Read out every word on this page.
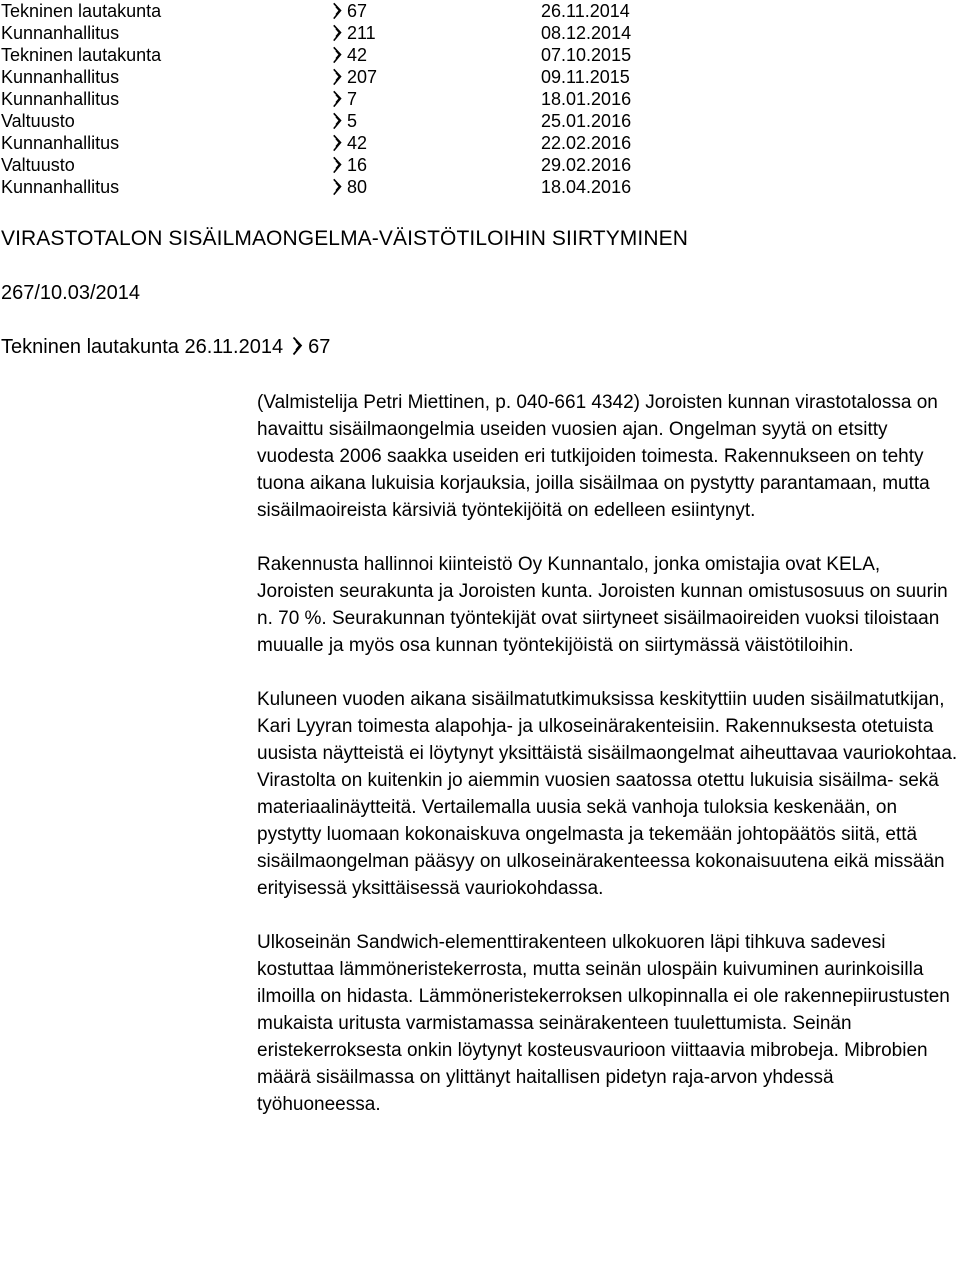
Tekninen lautakunta	67	26.11.2014
Kunnanhallitus	211	08.12.2014
Tekninen lautakunta	42	07.10.2015
Kunnanhallitus	207	09.11.2015
Kunnanhallitus	7	18.01.2016
Valtuusto	5	25.01.2016
Kunnanhallitus	42	22.02.2016
Valtuusto	16	29.02.2016
Kunnanhallitus	80	18.04.2016
VIRASTOTALON SISÄILMAONGELMA-VÄISTÖTILOIHIN SIIRTYMINEN
267/10.03/2014
Tekninen lautakunta 26.11.2014 67

(Valmistelija Petri Miettinen, p. 040-661 4342) Joroisten kunnan virastotalossa on havaittu sisäilmaongelmia useiden vuosien ajan. Ongelman syytä on etsitty vuodesta 2006 saakka useiden eri tutkijoiden toimesta. Rakennukseen on tehty tuona aikana lukuisia korjauksia, joilla sisäilmaa on pystytty parantamaan, mutta sisäilmaoireista kärsiviä työntekijöitä on edelleen esiintynyt.

Rakennusta hallinnoi kiinteistö Oy Kunnantalo, jonka omistajia ovat KELA, Joroisten seurakunta ja Joroisten kunta. Joroisten kunnan omistusosuus on suurin n. 70 %. Seurakunnan työntekijät ovat siirtyneet sisäilmaoireiden vuoksi tiloistaan muualle ja myös osa kunnan työntekijöistä on siirtymässä väistötiloihin.

Kuluneen vuoden aikana sisäilmatutkimuksissa keskityttiin uuden sisäilmatutkijan, Kari Lyyran toimesta alapohja- ja ulkoseinärakenteisiin. Rakennuksesta otetuista uusista näytteistä ei löytynyt yksittäistä sisäilmaongelmat aiheuttavaa vauriokohtaa. Virastolta on kuitenkin jo aiemmin vuosien saatossa otettu lukuisia sisäilma- sekä materiaalinäytteitä. Vertailemalla uusia sekä vanhoja tuloksia keskenään, on pystytty luomaan kokonaiskuva ongelmasta ja tekemään johtopäätös siitä, että sisäilmaongelman pääsyy on ulkoseinärakenteessa kokonaisuutena eikä missään erityisessä yksittäisessä vauriokohdassa.

Ulkoseinän Sandwich-elementtirakenteen ulkokuoren läpi tihkuva sadevesi kostuttaa lämmöneristekerrosta, mutta seinän ulospäin kuivuminen aurinkoisilla ilmoilla on hidasta. Lämmöneristekerroksen ulkopinnalla ei ole rakennepiirustusten mukaista uritusta varmistamassa seinärakenteen tuulettumista. Seinän eristekerroksesta onkin löytynyt kosteusvaurioon viittaavia mibrobeja. Mibrobien määrä sisäilmassa on ylittänyt haitallisen pidetyn raja-arvon yhdessä työhuoneessa.
